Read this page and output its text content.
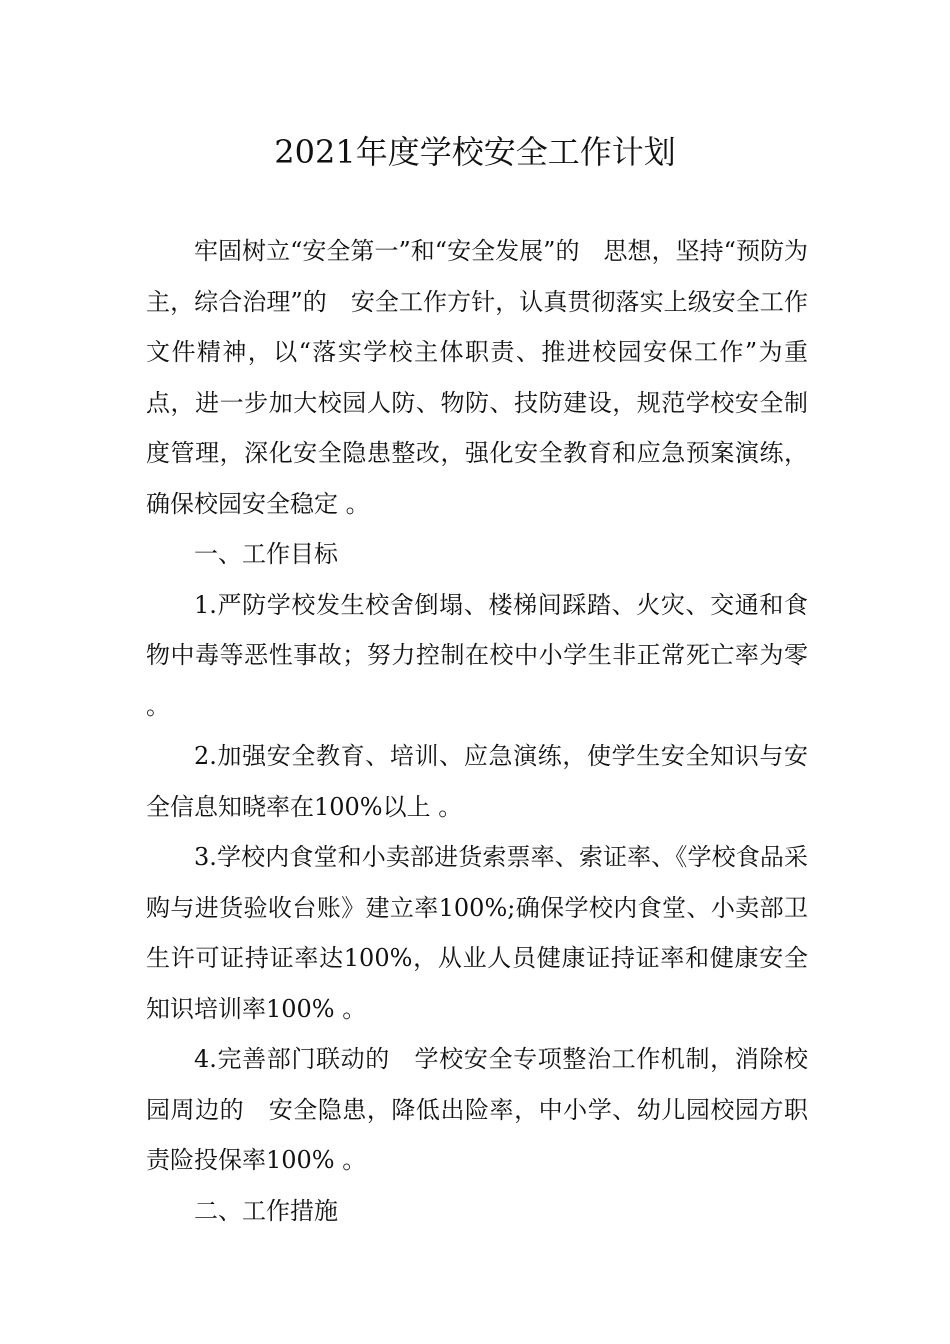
2021年度学校安全工作计划

牢固树立“安全第一”和“安全发展”的　思想，坚持“预防为主，综合治理”的　安全工作方针，认真贯彻落实上级安全工作文件精神，以“落实学校主体职责、推进校园安保工作”为重点，进一步加大校园人防、物防、技防建设，规范学校安全制度管理，深化安全隐患整改，强化安全教育和应急预案演练，确保校园安全稳定 。

一、工作目标

1.严防学校发生校舍倒塌、楼梯间踩踏、火灾、交通和食物中毒等恶性事故；努力控制在校中小学生非正常死亡率为零 。

2.加强安全教育、培训、应急演练，使学生安全知识与安全信息知晓率在100%以上 。

3.学校内食堂和小卖部进货索票率、索证率、《学校食品采购与进货验收台账》建立率100%;确保学校内食堂、小卖部卫生许可证持证率达100%，从业人员健康证持证率和健康安全知识培训率100% 。

4.完善部门联动的　学校安全专项整治工作机制，消除校园周边的　安全隐患，降低出险率，中小学、幼儿园校园方职责险投保率100% 。

二、工作措施
